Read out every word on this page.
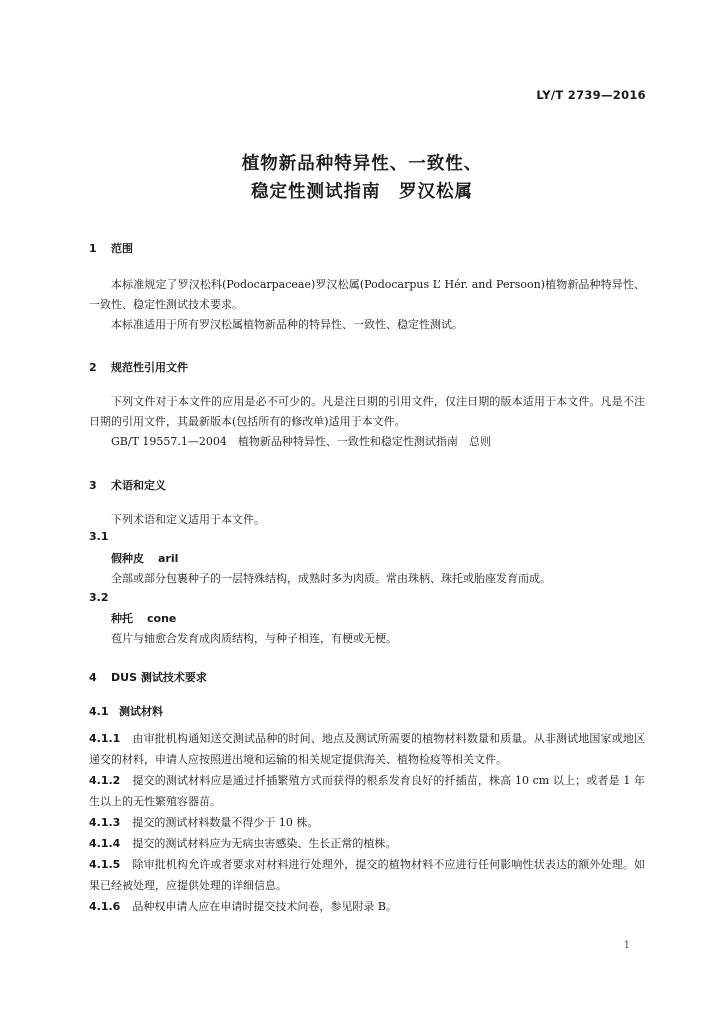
LY/T 2739—2016
植物新品种特异性、一致性、
稳定性测试指南　罗汉松属
1 范围
本标准规定了罗汉松科(Podocarpaceae)罗汉松属(Podocarpus L’ Hér. and Persoon)植物新品种特异性、一致性、稳定性测试技术要求。
本标准适用于所有罗汉松属植物新品种的特异性、一致性、稳定性测试。
2 规范性引用文件
下列文件对于本文件的应用是必不可少的。凡是注日期的引用文件，仅注日期的版本适用于本文件。凡是不注日期的引用文件，其最新版本(包括所有的修改单)适用于本文件。
GB/T 19557.1—2004　植物新品种特异性、一致性和稳定性测试指南　总则
3 术语和定义
下列术语和定义适用于本文件。
3.1
假种皮 aril
全部或部分包裹种子的一层特殊结构，成熟时多为肉质。常由珠柄、珠托或胎座发育而成。
3.2
种托 cone
苞片与轴愈合发育成肉质结构，与种子相连，有梗或无梗。
4 DUS 测试技术要求
4.1 测试材料
4.1.1 由审批机构通知送交测试品种的时间、地点及测试所需要的植物材料数量和质量。从非测试地国家或地区递交的材料，申请人应按照进出境和运输的相关规定提供海关、植物检疫等相关文件。
4.1.2 提交的测试材料应是通过扦插繁殖方式而获得的根系发育良好的扦插苗，株高 10 cm 以上；或者是 1 年生以上的无性繁殖容器苗。
4.1.3 提交的测试材料数量不得少于 10 株。
4.1.4 提交的测试材料应为无病虫害感染、生长正常的植株。
4.1.5 除审批机构允许或者要求对材料进行处理外，提交的植物材料不应进行任何影响性状表达的额外处理。如果已经被处理，应提供处理的详细信息。
4.1.6 品种权申请人应在申请时提交技术问卷，参见附录 B。
1
